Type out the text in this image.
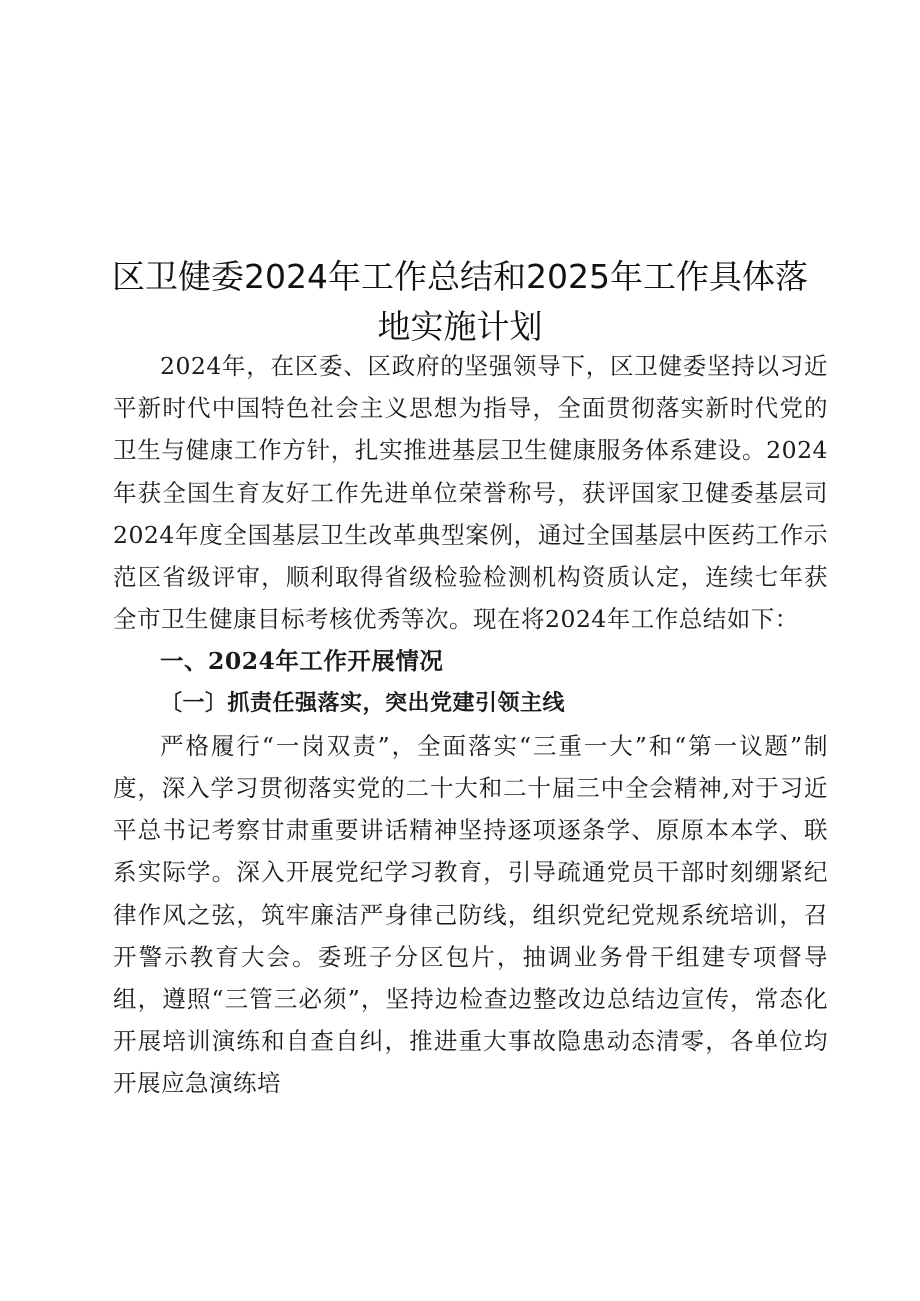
区卫健委2024年工作总结和2025年工作具体落
地实施计划

2024年，在区委、区政府的坚强领导下，区卫健委坚持以习近平新时代中国特色社会主义思想为指导，全面贯彻落实新时代党的卫生与健康工作方针，扎实推进基层卫生健康服务体系建设。2024年获全国生育友好工作先进单位荣誉称号，获评国家卫健委基层司2024年度全国基层卫生改革典型案例，通过全国基层中医药工作示范区省级评审，顺利取得省级检验检测机构资质认定，连续七年获全市卫生健康目标考核优秀等次。现在将2024年工作总结如下：

一、2024年工作开展情况

〔一〕抓责任强落实，突出党建引领主线

严格履行“一岗双责”，全面落实“三重一大”和“第一议题”制度，深入学习贯彻落实党的二十大和二十届三中全会精神,对于习近平总书记考察甘肃重要讲话精神坚持逐项逐条学、原原本本学、联系实际学。深入开展党纪学习教育，引导疏通党员干部时刻绷紧纪律作风之弦，筑牢廉洁严身律己防线，组织党纪党规系统培训，召开警示教育大会。委班子分区包片，抽调业务骨干组建专项督导组，遵照“三管三必须”，坚持边检查边整改边总结边宣传，常态化开展培训演练和自查自纠，推进重大事故隐患动态清零，各单位均开展应急演练培
